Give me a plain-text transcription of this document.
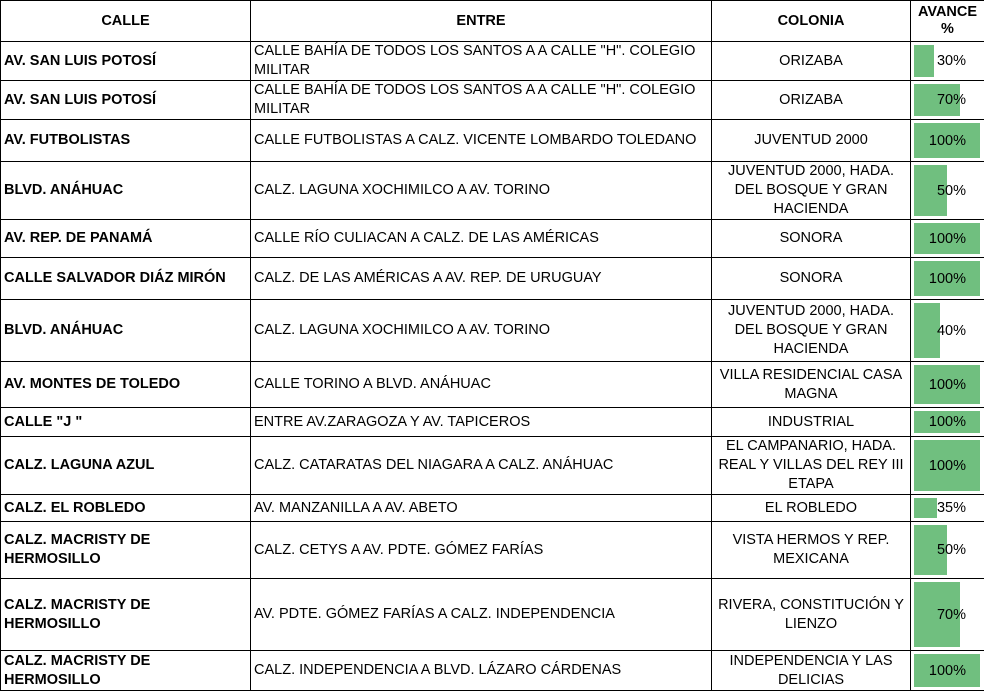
CALLE	ENTRE	COLONIA	AVANCE %
AV. SAN LUIS POTOSÍ	CALLE BAHÍA DE TODOS LOS SANTOS A A CALLE "H". COLEGIO MILITAR	ORIZABA	30%

AV. SAN LUIS POTOSÍ	CALLE BAHÍA DE TODOS LOS SANTOS A A CALLE "H". COLEGIO MILITAR	ORIZABA	70%

AV. FUTBOLISTAS	CALLE FUTBOLISTAS A CALZ. VICENTE LOMBARDO TOLEDANO	JUVENTUD 2000	100%

BLVD. ANÁHUAC	CALZ. LAGUNA XOCHIMILCO A AV. TORINO	JUVENTUD 2000, HADA. DEL BOSQUE Y GRAN HACIENDA	50%

AV. REP. DE PANAMÁ	CALLE RÍO CULIACAN A CALZ. DE LAS AMÉRICAS	SONORA	100%

CALLE SALVADOR DIÁZ MIRÓN	CALZ. DE LAS AMÉRICAS A AV. REP. DE URUGUAY	SONORA	100%

BLVD. ANÁHUAC	CALZ. LAGUNA XOCHIMILCO A AV. TORINO	JUVENTUD 2000, HADA. DEL BOSQUE Y GRAN HACIENDA	40%

AV. MONTES DE TOLEDO	CALLE TORINO A BLVD. ANÁHUAC	VILLA RESIDENCIAL CASA MAGNA	100%

CALLE "J "	ENTRE AV.ZARAGOZA Y AV. TAPICEROS	INDUSTRIAL	100%

CALZ. LAGUNA AZUL	CALZ. CATARATAS DEL NIAGARA A CALZ. ANÁHUAC	EL CAMPANARIO, HADA. REAL Y VILLAS DEL REY III ETAPA	100%

CALZ. EL ROBLEDO	AV. MANZANILLA A AV. ABETO	EL ROBLEDO	35%

CALZ. MACRISTY DE HERMOSILLO	CALZ. CETYS A AV. PDTE. GÓMEZ FARÍAS	VISTA HERMOS Y REP. MEXICANA	50%

CALZ. MACRISTY DE HERMOSILLO	AV. PDTE. GÓMEZ FARÍAS A CALZ. INDEPENDENCIA	RIVERA, CONSTITUCIÓN Y LIENZO	70%

CALZ. MACRISTY DE HERMOSILLO	CALZ. INDEPENDENCIA A BLVD. LÁZARO CÁRDENAS	INDEPENDENCIA Y LAS DELICIAS	100%
